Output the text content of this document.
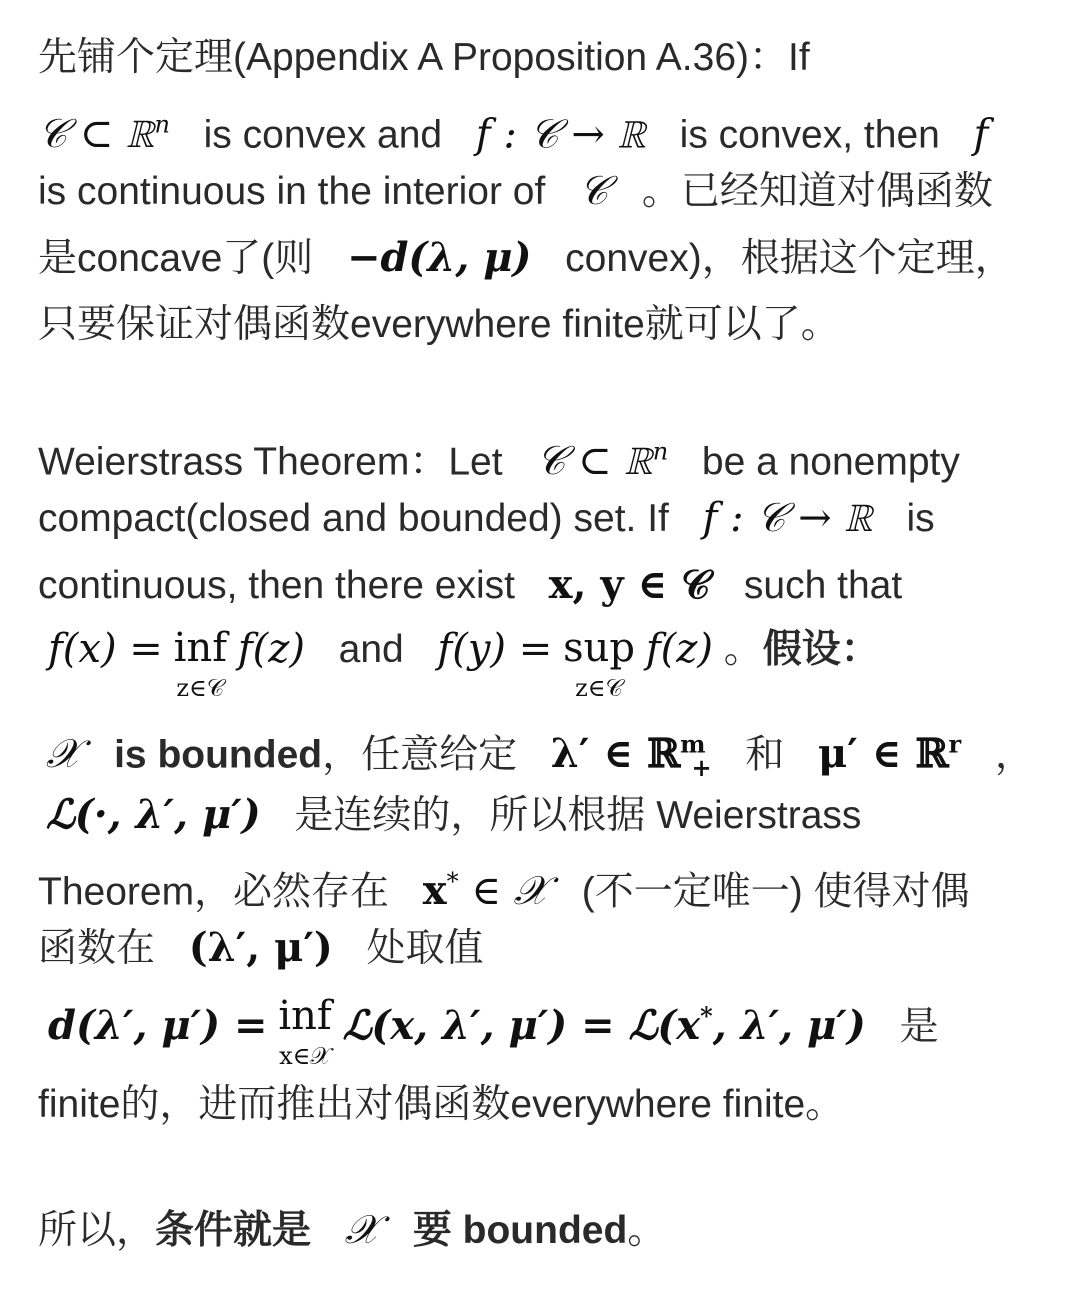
先铺个定理(Appendix A Proposition A.36)：If
𝒞 ⊂ ℝ$^n$ is convex and f : 𝒞 → ℝ is convex, then f
is continuous in the interior of 𝒞 。已经知道对偶函数
是concave了(则 −d(λ, μ) convex)，根据这个定理，
只要保证对偶函数everywhere finite就可以了。
Weierstrass Theorem：Let 𝒞 ⊂ ℝ$^n$ be a nonempty
compact(closed and bounded) set. If f : 𝒞 → ℝ is
continuous, then there exist x, y ∈ 𝒞 such that
f(x) = inf
z∈𝒞
f(z) and f(y) = sup
z∈𝒞
f(z) 。假设：
𝒳 is bounded，任意给定 λ′ ∈ ℝ$^m_+$ 和 μ′ ∈ ℝ$^r$ ，
ℒ(·, λ′, μ′) 是连续的，所以根据 Weierstrass
Theorem，必然存在 x* ∈ 𝒳 (不一定唯一) 使得对偶
函数在 (λ′, μ′) 处取值
d(λ′, μ′) = inf
x∈𝒳
ℒ(x, λ′, μ′) = ℒ(x*, λ′, μ′) 是
finite的，进而推出对偶函数everywhere finite。
所以，条件就是 𝒳 要 bounded。
